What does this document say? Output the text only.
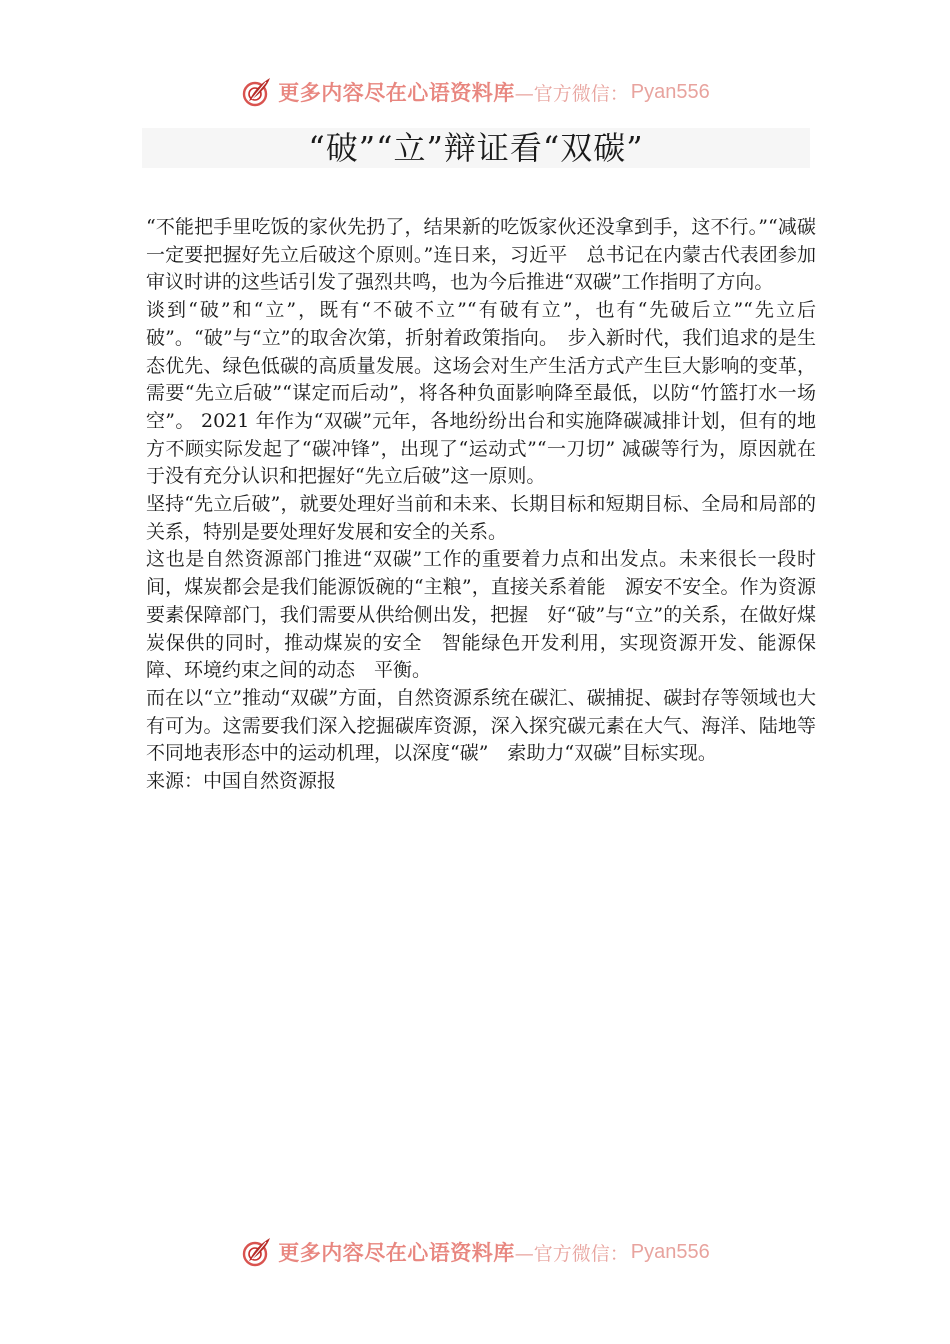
更多内容尽在心语资料库 —官方微信： Pyan556
“破”“立”辩证看“双碳”

“不能把手里吃饭的家伙先扔了，结果新的吃饭家伙还没拿到手，这不行。”“减碳一定要把握好先立后破这个原则。”连日来，习近平　总书记在内蒙古代表团参加审议时讲的这些话引发了强烈共鸣，也为今后推进“双碳”工作指明了方向。

谈到“破”和“立”，既有“不破不立”“有破有立”，也有“先破后立”“先立后破”。“破”与“立”的取舍次第，折射着政策指向。　步入新时代，我们追求的是生态优先、绿色低碳的高质量发展。这场会对生产生活方式产生巨大影响的变革，需要“先立后破”“谋定而后动”，将各种负面影响降至最低，以防“竹篮打水一场空”。 2021 年作为“双碳”元年，各地纷纷出台和实施降碳减排计划，但有的地方不顾实际发起了“碳冲锋”，出现了“运动式”“一刀切” 减碳等行为，原因就在于没有充分认识和把握好“先立后破”这一原则。

坚持“先立后破”，就要处理好当前和未来、长期目标和短期目标、全局和局部的关系，特别是要处理好发展和安全的关系。

这也是自然资源部门推进“双碳”工作的重要着力点和出发点。未来很长一段时间，煤炭都会是我们能源饭碗的“主粮”，直接关系着能　源安不安全。作为资源要素保障部门，我们需要从供给侧出发，把握　好“破”与“立”的关系，在做好煤炭保供的同时，推动煤炭的安全　智能绿色开发利用，实现资源开发、能源保障、环境约束之间的动态　平衡。

而在以“立”推动“双碳”方面，自然资源系统在碳汇、碳捕捉、碳封存等领域也大有可为。这需要我们深入挖掘碳库资源，深入探究碳元素在大气、海洋、陆地等不同地表形态中的运动机理，以深度“碳”　索助力“双碳”目标实现。

来源：中国自然资源报

更多内容尽在心语资料库 —官方微信： Pyan556
